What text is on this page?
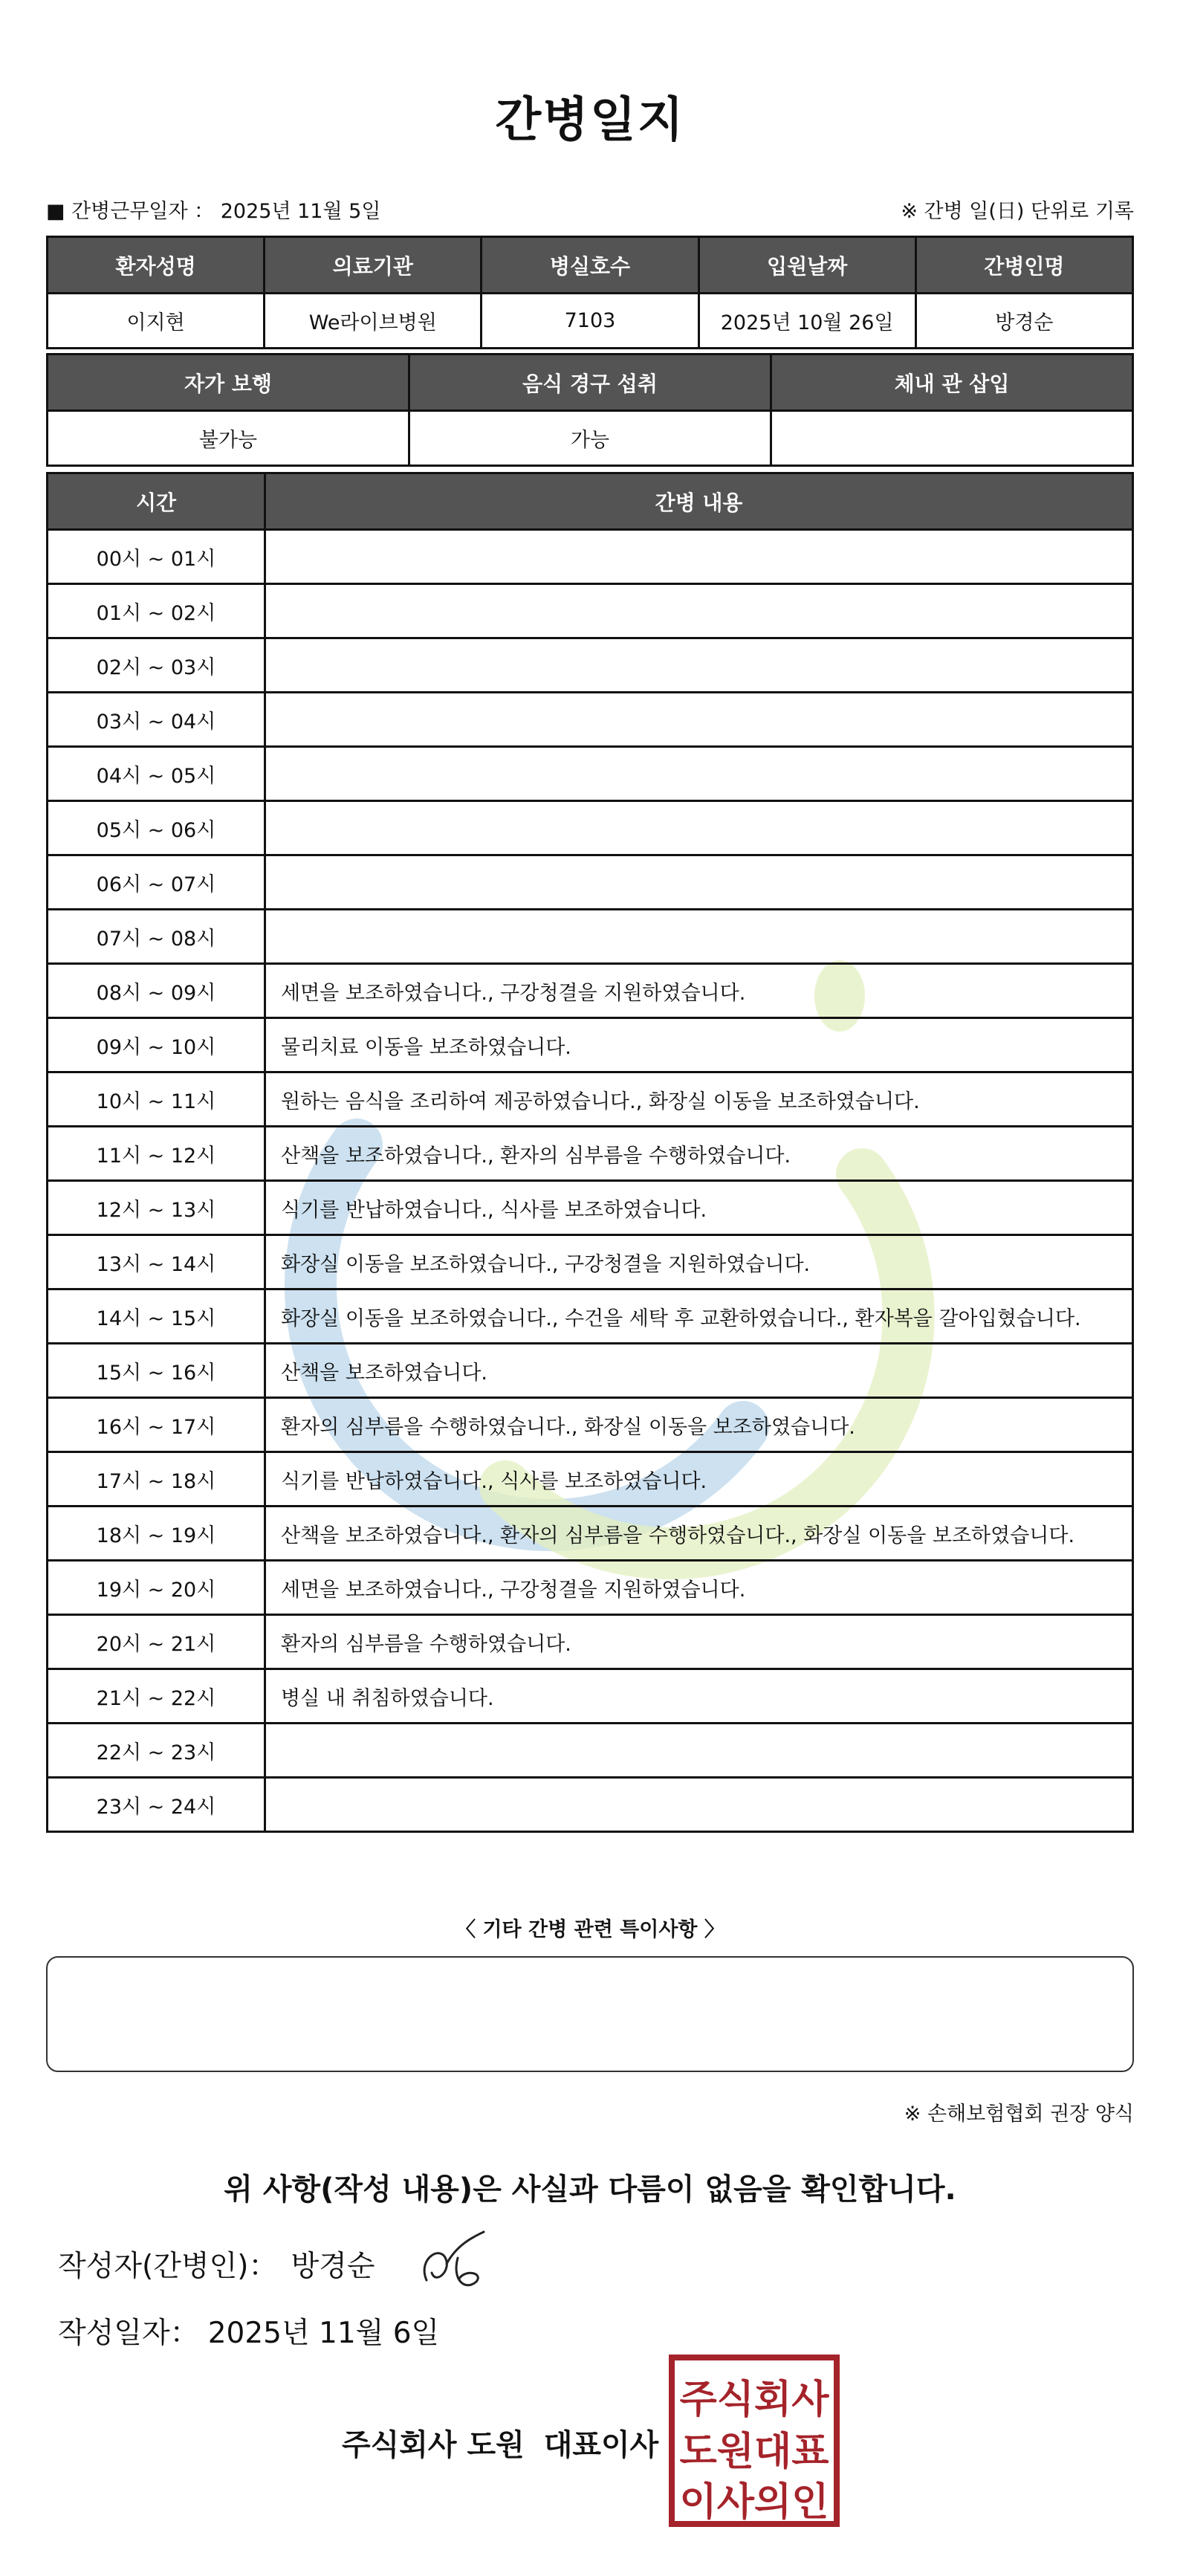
간병일지
■ 간병근무일자 ： 2025년 11월 5일	※ 간병 일(日) 단위로 기록
환자성명	의료기관	병실호수	입원날짜	간병인명
이지현	We라이브병원	7103	2025년 10월 26일	방경순
자가 보행	음식 경구 섭취	체내 관 삽입
불가능	가능	
시간	간병 내용
00시 ~ 01시	
01시 ~ 02시	
02시 ~ 03시	
03시 ~ 04시	
04시 ~ 05시	
05시 ~ 06시	
06시 ~ 07시	
07시 ~ 08시	
08시 ~ 09시	세면을 보조하였습니다., 구강청결을 지원하였습니다.
09시 ~ 10시	물리치료 이동을 보조하였습니다.
10시 ~ 11시	원하는 음식을 조리하여 제공하였습니다., 화장실 이동을 보조하였습니다.
11시 ~ 12시	산책을 보조하였습니다., 환자의 심부름을 수행하였습니다.
12시 ~ 13시	식기를 반납하였습니다., 식사를 보조하였습니다.
13시 ~ 14시	화장실 이동을 보조하였습니다., 구강청결을 지원하였습니다.
14시 ~ 15시	화장실 이동을 보조하였습니다., 수건을 세탁 후 교환하였습니다., 환자복을 갈아입혔습니다.
15시 ~ 16시	산책을 보조하였습니다.
16시 ~ 17시	환자의 심부름을 수행하였습니다., 화장실 이동을 보조하였습니다.
17시 ~ 18시	식기를 반납하였습니다., 식사를 보조하였습니다.
18시 ~ 19시	산책을 보조하였습니다., 환자의 심부름을 수행하였습니다., 화장실 이동을 보조하였습니다.
19시 ~ 20시	세면을 보조하였습니다., 구강청결을 지원하였습니다.
20시 ~ 21시	환자의 심부름을 수행하였습니다.
21시 ~ 22시	병실 내 취침하였습니다.
22시 ~ 23시	
23시 ~ 24시	
〈 기타 간병 관련 특이사항 〉
※ 손해보험협회 권장 양식
위 사항(작성 내용)은 사실과 다름이 없음을 확인합니다.
작성자(간병인)： 방경순
작성일자： 2025년 11월 6일
주식회사 도원 대표이사
주식회사
도원대표
이사의인
